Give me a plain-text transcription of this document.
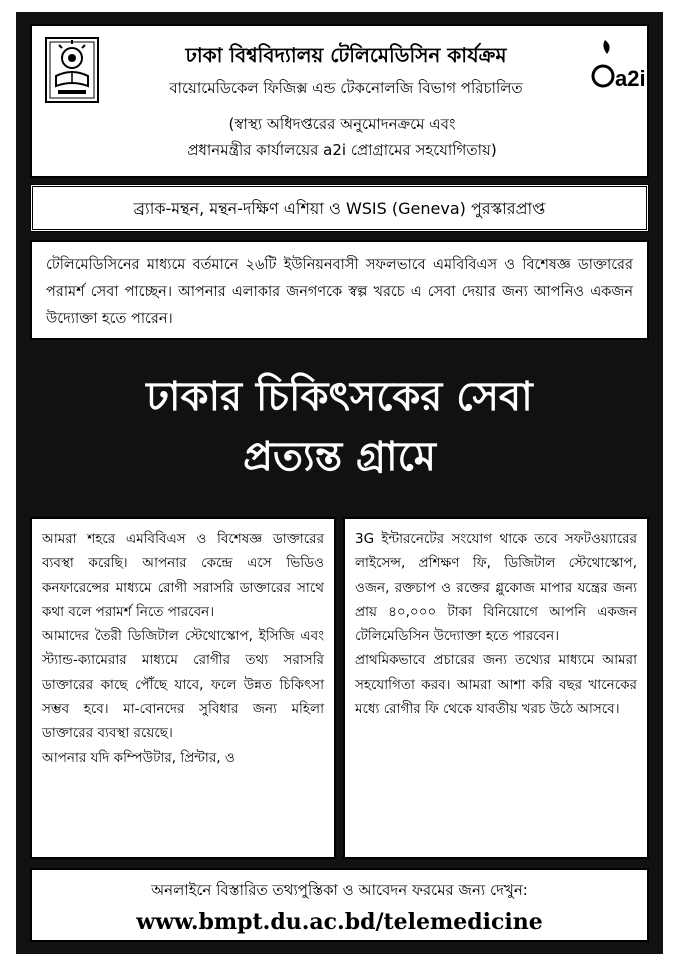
ঢাকা বিশ্ববিদ্যালয় টেলিমেডিসিন কার্যক্রম
বায়োমেডিকেল ফিজিক্স এন্ড টেকনোলজি বিভাগ পরিচালিত
(স্বাস্থ্য অধিদপ্তরের অনুমোদনক্রমে এবং
প্রধানমন্ত্রীর কার্যালয়ের a2i প্রোগ্রামের সহযোগিতায়)
a2i
ব্র্যাক-মন্থন, মন্থন-দক্ষিণ এশিয়া ও WSIS (Geneva) পুরস্কারপ্রাপ্ত
টেলিমেডিসিনের মাধ্যমে বর্তমানে ২৬টি ইউনিয়নবাসী সফলভাবে এমবিবিএস ও বিশেষজ্ঞ ডাক্তারের পরামর্শ সেবা পাচ্ছেন। আপনার এলাকার জনগণকে স্বল্প খরচে এ সেবা দেয়ার জন্য আপনিও একজন উদ্যোক্তা হতে পারেন।
ঢাকার চিকিৎসকের সেবা
প্রত্যন্ত গ্রামে

আমরা শহরে এমবিবিএস ও বিশেষজ্ঞ ডাক্তারের ব্যবস্থা করেছি। আপনার কেন্দ্রে এসে ভিডিও কনফারেন্সের মাধ্যমে রোগী সরাসরি ডাক্তারের সাথে কথা বলে পরামর্শ নিতে পারবেন।

আমাদের তৈরী ডিজিটাল স্টেথোস্কোপ, ইসিজি এবং স্ট্যান্ড-ক্যামেরার মাধ্যমে রোগীর তথ্য সরাসরি ডাক্তারের কাছে পৌঁছে যাবে, ফলে উন্নত চিকিৎসা সম্ভব হবে। মা-বোনদের সুবিধার জন্য মহিলা ডাক্তারের ব্যবস্থা রয়েছে।

আপনার যদি কম্পিউটার, প্রিন্টার, ও

3G ইন্টারনেটের সংযোগ থাকে তবে সফটওয়্যারের লাইসেন্স, প্রশিক্ষণ ফি, ডিজিটাল স্টেথোস্কোপ, ওজন, রক্তচাপ ও রক্তের গ্লুকোজ মাপার যন্ত্রের জন্য প্রায় ৪০,০০০ টাকা বিনিয়োগে আপনি একজন টেলিমেডিসিন উদ্যোক্তা হতে পারবেন।

প্রাথমিকভাবে প্রচারের জন্য তথ্যের মাধ্যমে আমরা সহযোগিতা করব। আমরা আশা করি বছর খানেকের মধ্যে রোগীর ফি থেকে যাবতীয় খরচ উঠে আসবে।

অনলাইনে বিস্তারিত তথ্যপুস্তিকা ও আবেদন ফরমের জন্য দেখুন:
www.bmpt.du.ac.bd/telemedicine
